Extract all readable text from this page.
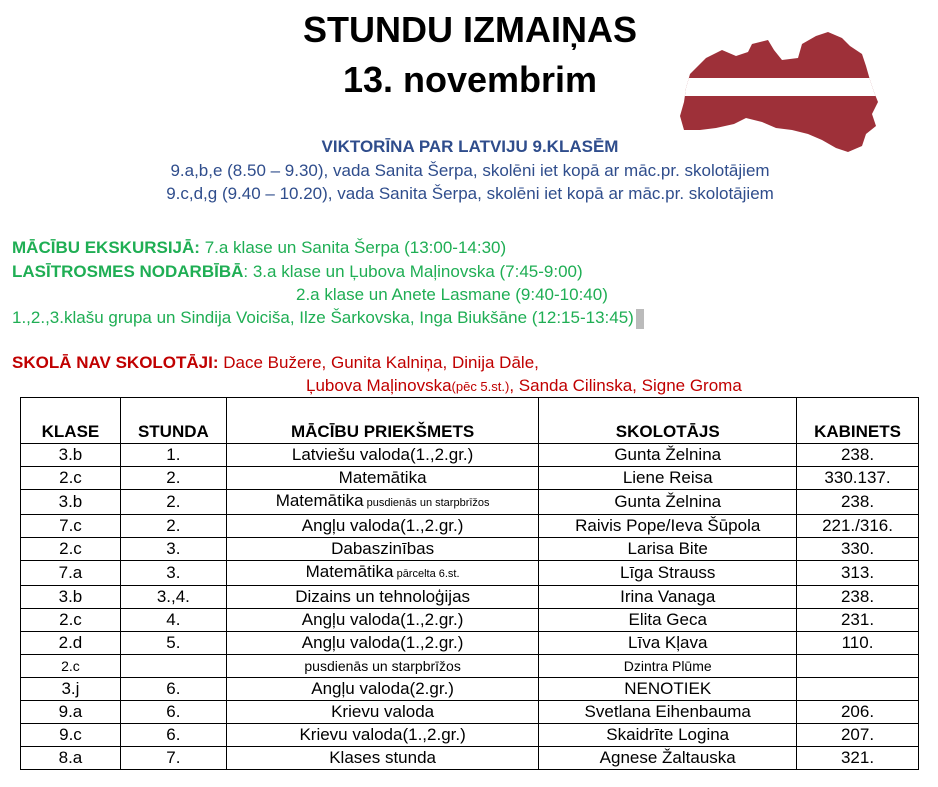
STUNDU IZMAIŅAS
13. novembrim
VIKTORĪNA PAR LATVIJU 9.KLASĒM
9.a,b,e (8.50 – 9.30), vada Sanita Šerpa, skolēni iet kopā ar māc.pr. skolotājiem
9.c,d,g (9.40 – 10.20), vada Sanita Šerpa, skolēni iet kopā ar māc.pr. skolotājiem
MĀCĪBU EKSKURSIJĀ: 7.a klase un Sanita Šerpa (13:00-14:30)
LASĪTROSMES NODARBĪBĀ: 3.a klase un Ļubova Maļinovska (7:45-9:00)
2.a klase un Anete Lasmane (9:40-10:40)
1.,2.,3.klašu grupa un Sindija Voiciša, Ilze Šarkovska, Inga Biukšāne (12:15-13:45)
SKOLĀ NAV SKOLOTĀJI: Dace Bužere, Gunita Kalniņa, Dinija Dāle,
Ļubova Maļinovska(pēc 5.st.), Sanda Cilinska, Signe Groma
KLASE	STUNDA	MĀCĪBU PRIEKŠMETS	SKOLOTĀJS	KABINETS
3.b	1.	Latviešu valoda(1.,2.gr.)	Gunta Želnina	238.
2.c	2.	Matemātika	Liene Reisa	330.137.
3.b	2.	Matemātika pusdienās un starpbrīžos	Gunta Želnina	238.
7.c	2.	Angļu valoda(1.,2.gr.)	Raivis Pope/Ieva Šūpola	221./316.
2.c	3.	Dabaszinības	Larisa Bite	330.
7.a	3.	Matemātika pārcelta 6.st.	Līga Strauss	313.
3.b	3.,4.	Dizains un tehnoloģijas	Irina Vanaga	238.
2.c	4.	Angļu valoda(1.,2.gr.)	Elita Geca	231.
2.d	5.	Angļu valoda(1.,2.gr.)	Līva Kļava	110.
2.c		pusdienās un starpbrīžos	Dzintra Plūme	
3.j	6.	Angļu valoda(2.gr.)	NENOTIEK	
9.a	6.	Krievu valoda	Svetlana Eihenbauma	206.
9.c	6.	Krievu valoda(1.,2.gr.)	Skaidrīte Logina	207.
8.a	7.	Klases stunda	Agnese Žaltauska	321.
